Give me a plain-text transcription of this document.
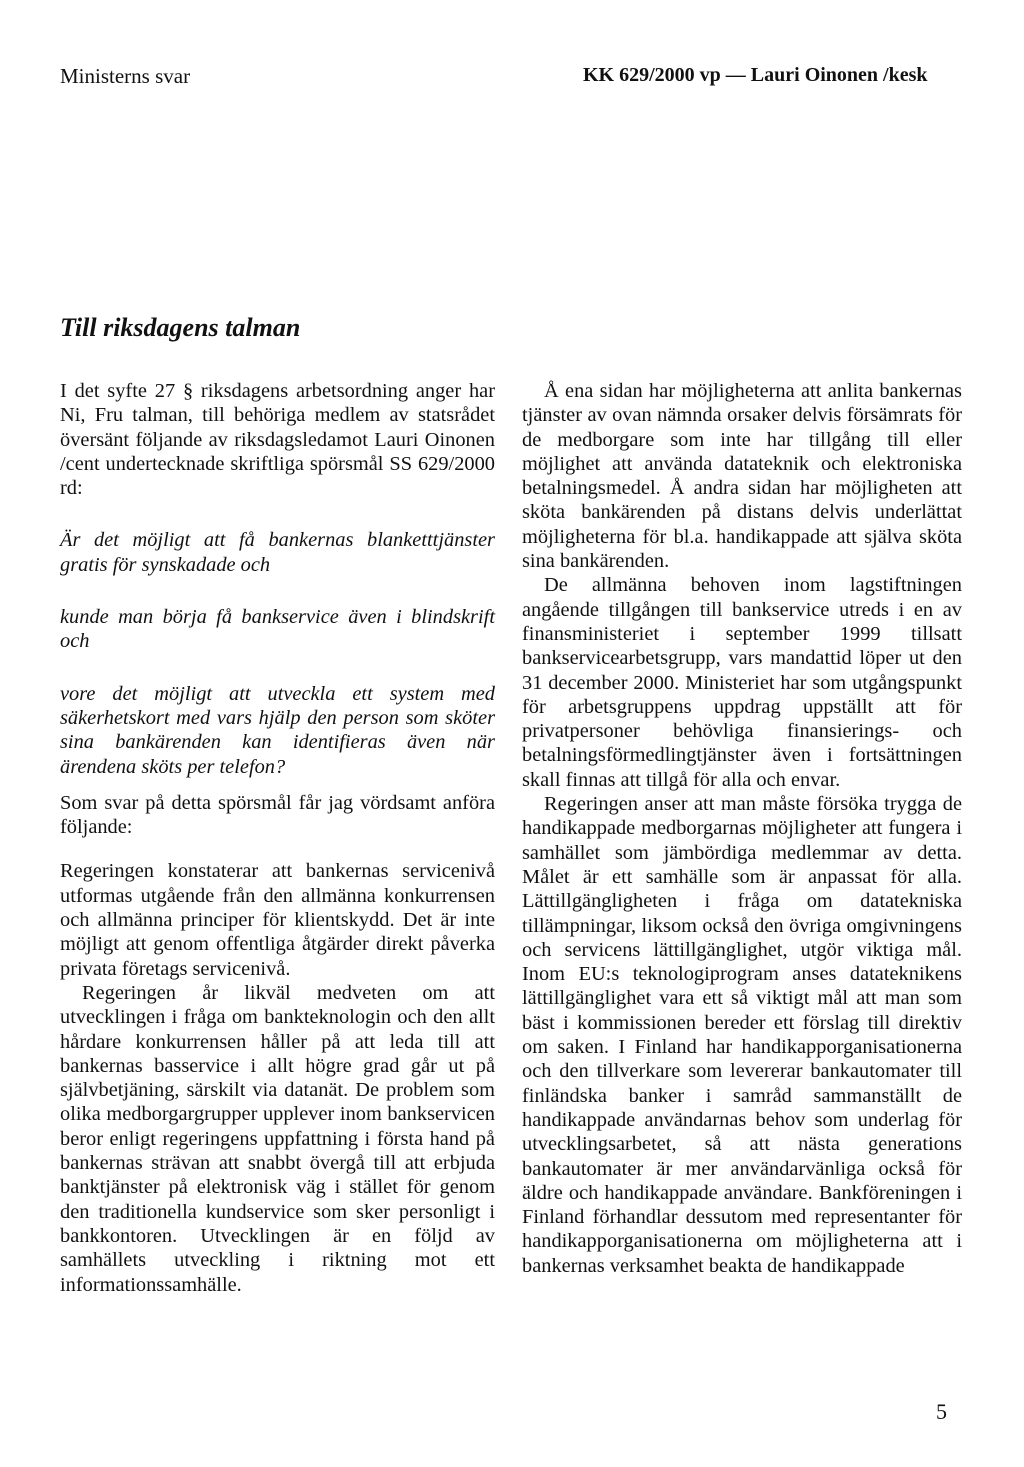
Ministerns svar	KK 629/2000 vp — Lauri Oinonen /kesk
Till riksdagens talman

I det syfte 27 § riksdagens arbetsordning anger har Ni, Fru talman, till behöriga medlem av statsrådet översänt följande av riksdagsledamot Lauri Oinonen /cent undertecknade skriftliga spörsmål SS 629/2000 rd:

Är det möjligt att få bankernas blanketttjänster gratis för synskadade och

kunde man börja få bankservice även i blindskrift och

vore det möjligt att utveckla ett system med säkerhetskort med vars hjälp den person som sköter sina bankärenden kan identifieras även när ärendena sköts per telefon?

Som svar på detta spörsmål får jag vördsamt anföra följande:

Regeringen konstaterar att bankernas servicenivå utformas utgående från den allmänna konkurrensen och allmänna principer för klientskydd. Det är inte möjligt att genom offentliga åtgärder direkt påverka privata företags servicenivå.

Regeringen år likväl medveten om att utvecklingen i fråga om bankteknologin och den allt hårdare konkurrensen håller på att leda till att bankernas basservice i allt högre grad går ut på självbetjäning, särskilt via datanät. De problem som olika medborgargrupper upplever inom bankservicen beror enligt regeringens uppfattning i första hand på bankernas strävan att snabbt övergå till att erbjuda banktjänster på elektronisk väg i stället för genom den traditionella kundservice som sker personligt i bankkontoren. Utvecklingen är en följd av samhällets utveckling i riktning mot ett informationssamhälle.

Å ena sidan har möjligheterna att anlita bankernas tjänster av ovan nämnda orsaker delvis försämrats för de medborgare som inte har tillgång till eller möjlighet att använda datateknik och elektroniska betalningsmedel. Å andra sidan har möjligheten att sköta bankärenden på distans delvis underlättat möjligheterna för bl.a. handikappade att själva sköta sina bankärenden.

De allmänna behoven inom lagstiftningen angående tillgången till bankservice utreds i en av finansministeriet i september 1999 tillsatt bankservicearbetsgrupp, vars mandattid löper ut den 31 december 2000. Ministeriet har som utgångspunkt för arbetsgruppens uppdrag uppställt att för privatpersoner behövliga finansierings- och betalningsförmedlingtjänster även i fortsättningen skall finnas att tillgå för alla och envar.

Regeringen anser att man måste försöka trygga de handikappade medborgarnas möjligheter att fungera i samhället som jämbördiga medlemmar av detta. Målet är ett samhälle som är anpassat för alla. Lättillgängligheten i fråga om datatekniska tillämpningar, liksom också den övriga omgivningens och servicens lättillgänglighet, utgör viktiga mål. Inom EU:s teknologiprogram anses datateknikens lättillgänglighet vara ett så viktigt mål att man som bäst i kommissionen bereder ett förslag till direktiv om saken. I Finland har handikapporganisationerna och den tillverkare som levererar bankautomater till finländska banker i samråd sammanställt de handikappade användarnas behov som underlag för utvecklingsarbetet, så att nästa generations bankautomater är mer användarvänliga också för äldre och handikappade användare. Bankföreningen i Finland förhandlar dessutom med representanter för handikapporganisationerna om möjligheterna att i bankernas verksamhet beakta de handikappade

5
